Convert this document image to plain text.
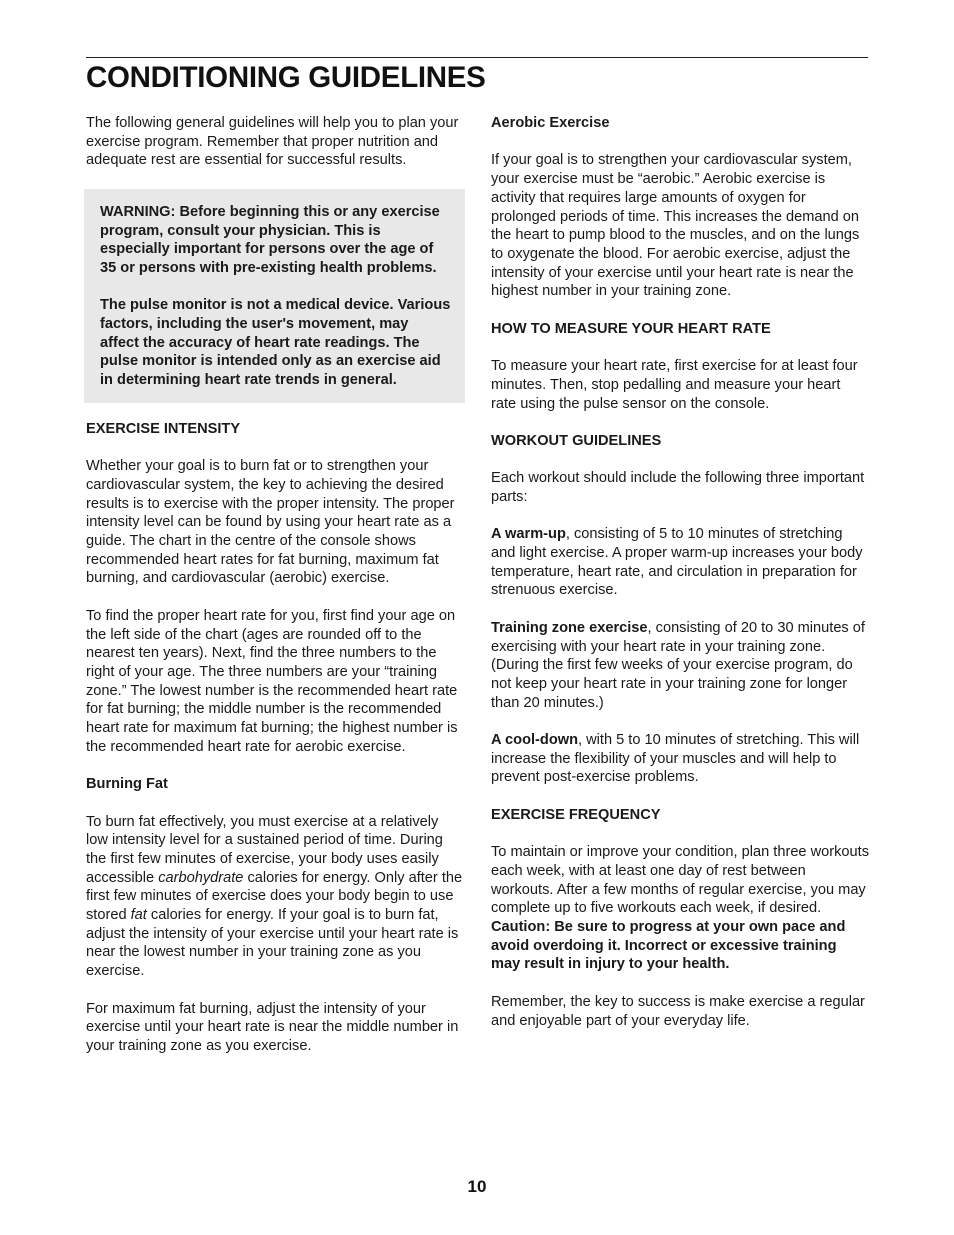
CONDITIONING GUIDELINES

The following general guidelines will help you to plan your exercise program. Remember that proper nutrition and adequate rest are essential for successful results.

WARNING: Before beginning this or any exercise program, consult your physician. This is especially important for persons over the age of 35 or persons with pre-existing health problems.

The pulse monitor is not a medical device. Various factors, including the user's movement, may affect the accuracy of heart rate readings. The pulse monitor is intended only as an exercise aid in determining heart rate trends in general.

EXERCISE INTENSITY

Whether your goal is to burn fat or to strengthen your cardiovascular system, the key to achieving the desired results is to exercise with the proper intensity. The proper intensity level can be found by using your heart rate as a guide. The chart in the centre of the console shows recommended heart rates for fat burning, maximum fat burning, and cardiovascular (aerobic) exercise.

To find the proper heart rate for you, first find your age on the left side of the chart (ages are rounded off to the nearest ten years). Next, find the three numbers to the right of your age. The three numbers are your “training zone.” The lowest number is the recommended heart rate for fat burning; the middle number is the recommended heart rate for maximum fat burning; the highest number is the recommended heart rate for aerobic exercise.

Burning Fat

To burn fat effectively, you must exercise at a relatively low intensity level for a sustained period of time. During the first few minutes of exercise, your body uses easily accessible carbohydrate calories for energy. Only after the first few minutes of exercise does your body begin to use stored fat calories for energy. If your goal is to burn fat, adjust the intensity of your exercise until your heart rate is near the lowest number in your training zone as you exercise.

For maximum fat burning, adjust the intensity of your exercise until your heart rate is near the middle number in your training zone as you exercise.

Aerobic Exercise

If your goal is to strengthen your cardiovascular system, your exercise must be “aerobic.” Aerobic exercise is activity that requires large amounts of oxygen for prolonged periods of time. This increases the demand on the heart to pump blood to the muscles, and on the lungs to oxygenate the blood. For aerobic exercise, adjust the intensity of your exercise until your heart rate is near the highest number in your training zone.

HOW TO MEASURE YOUR HEART RATE

To measure your heart rate, first exercise for at least four minutes. Then, stop pedalling and measure your heart rate using the pulse sensor on the console.

WORKOUT GUIDELINES

Each workout should include the following three important parts:

A warm-up, consisting of 5 to 10 minutes of stretching and light exercise. A proper warm-up increases your body temperature, heart rate, and circulation in preparation for strenuous exercise.

Training zone exercise, consisting of 20 to 30 minutes of exercising with your heart rate in your training zone. (During the first few weeks of your exercise program, do not keep your heart rate in your training zone for longer than 20 minutes.)

A cool-down, with 5 to 10 minutes of stretching. This will increase the flexibility of your muscles and will help to prevent post-exercise problems.

EXERCISE FREQUENCY

To maintain or improve your condition, plan three workouts each week, with at least one day of rest between workouts. After a few months of regular exercise, you may complete up to five workouts each week, if desired. Caution: Be sure to progress at your own pace and avoid overdoing it. Incorrect or excessive training may result in injury to your health.

Remember, the key to success is make exercise a regular and enjoyable part of your everyday life.

10
